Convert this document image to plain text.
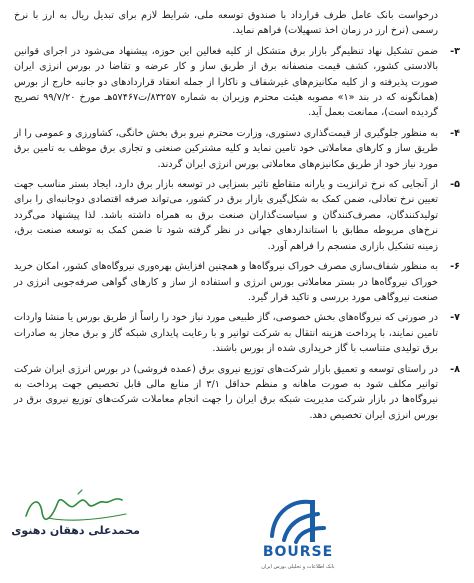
درخواست بانک عامل طرف قرارداد با صندوق توسعه ملی، شرایط لازم برای تبدیل ریال به ارز با نرخ رسمی (نرخ ارز در زمان اخذ تسهیلات) فراهم نماید.

-۳
ضمن تشکیل نهاد تنظیم‌گر بازار برق متشکل از کلیه فعالین این حوزه، پیشنهاد می‌شود در اجرای قوانین بالادستی کشور، کشف قیمت منصفانه برق از طریق ساز و کار عرضه و تقاضا در بورس انرژی ایران صورت پذیرفته و از کلیه مکانیزم‌های غیرشفاف و ناکارا از جمله انعقاد قراردادهای دو جانبه خارج از بورس (همانگونه که در بند «۱» مصوبه هیئت محترم وزیران به شماره ۸۳۲۵۷/ت۵۷۴۶۷هـ مورخ ۹۹/۷/۲۰ تصریح گردیده است)، ممانعت بعمل آید.

-۴
به منظور جلوگیری از قیمت‌گذاری دستوری، وزارت محترم نیرو برق بخش خانگی، کشاورزی و عمومی را از طریق ساز و کارهای معاملاتی خود تامین نماید و کلیه مشترکین صنعتی و تجاری برق موظف به تامین برق مورد نیاز خود از طریق مکانیزم‌های معاملاتی بورس انرژی ایران گردند.

-۵
از آنجایی که نرخ ترانزیت و یارانه متقاطع تاثیر بسزایی در توسعه بازار برق دارد، ایجاد بستر مناسب جهت تعیین نرخ تعادلی، ضمن کمک به شکل‌گیری بازار برق در کشور، می‌تواند صرفه اقتصادی دوجانبه‌ای را برای تولیدکنندگان، مصرف‌کنندگان و سیاست‌گذاران صنعت برق به همراه داشته باشد. لذا پیشنهاد می‌گردد نرخ‌های مربوطه مطابق با استانداردهای جهانی در نظر گرفته شود تا ضمن کمک به توسعه صنعت برق، زمینه تشکیل بازاری منسجم را فراهم آورد.

-۶
به منظور شفاف‌سازی مصرف خوراک نیروگاه‌ها و همچنین افزایش بهره‌وری نیروگاه‌های کشور، امکان خرید خوراک نیروگاه‌ها در بستر معاملاتی بورس انرژی و استفاده از ساز و کارهای گواهی صرفه‌جویی انرژی در صنعت نیروگاهی مورد بررسی و تاکید قرار گیرد.

-۷
در صورتی که نیروگاه‌های بخش خصوصی، گاز طبیعی مورد نیاز خود را راساً از طریق بورس یا منشا واردات تامین نمایند، با پرداخت هزینه انتقال به شرکت توانیر و با رعایت پایداری شبکه گاز و برق مجاز به صادرات برق تولیدی متناسب با گاز خریداری شده از بورس باشند.

-۸
در راستای توسعه و تعمیق بازار شرکت‌های توزیع نیروی برق (عمده فروشی) در بورس انرژی ایران شرکت توانیر مکلف شود به صورت ماهانه و منظم حداقل ۳/۱ از منابع مالی قابل تخصیص جهت پرداخت به نیروگاه‌ها در بازار شرکت مدیریت شبکه برق ایران را جهت انجام معاملات شرکت‌های توزیع نیروی برق در بورس انرژی ایران تخصیص دهد.

محمدعلی دهقان دهنوی
BOURSE
بانک اطلاعات و تحلیلی بورس ایران
